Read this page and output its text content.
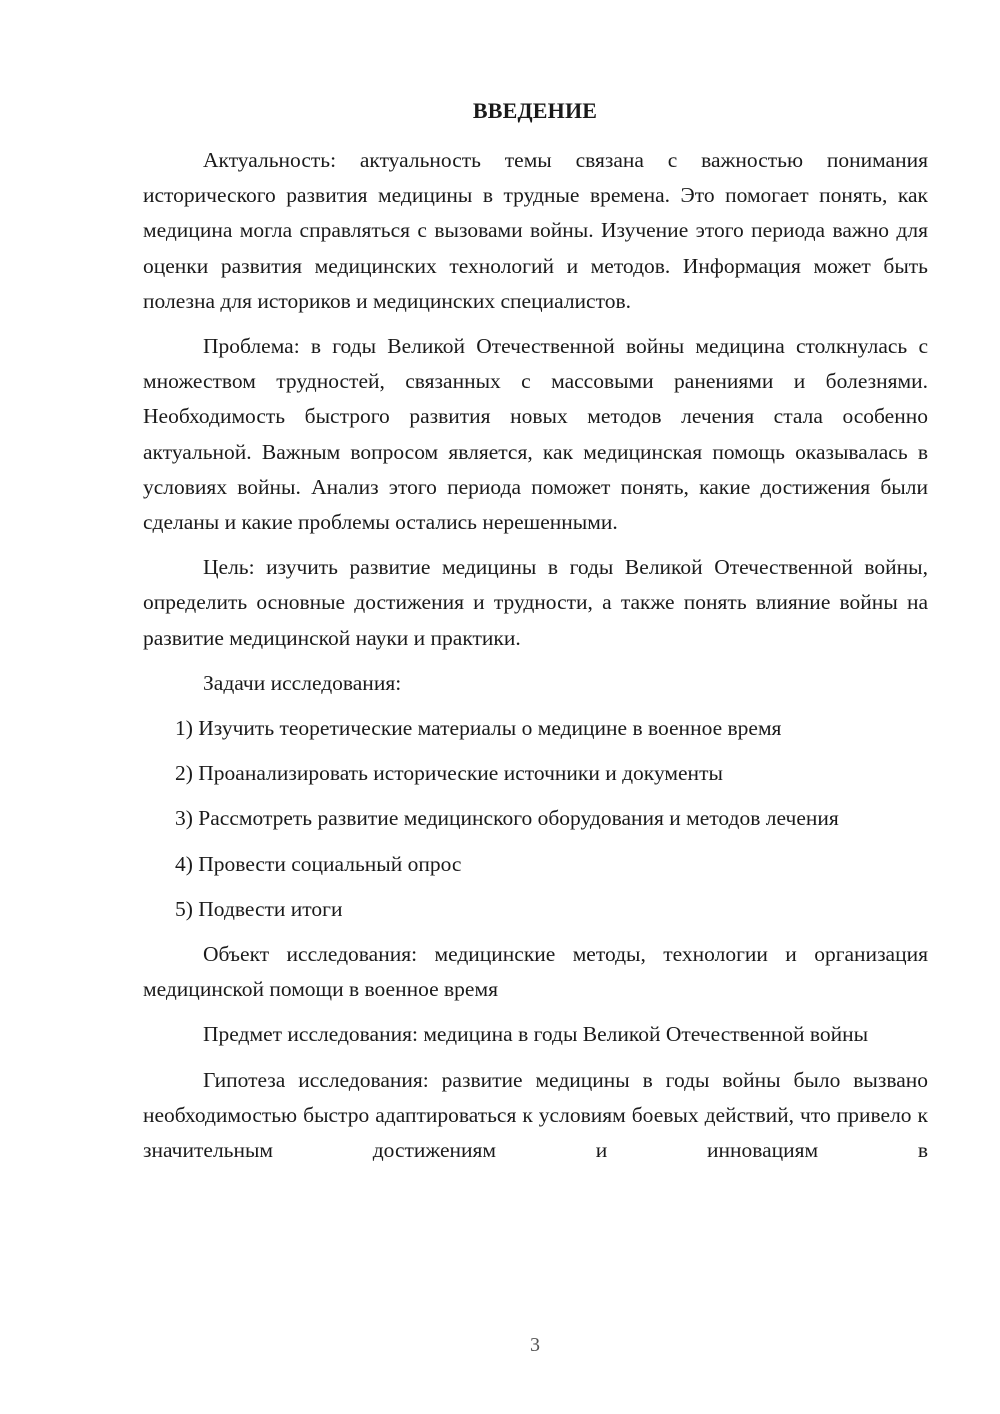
ВВЕДЕНИЕ

Актуальность: актуальность темы связана с важностью понимания исторического развития медицины в трудные времена. Это помогает понять, как медицина могла справляться с вызовами войны. Изучение этого периода важно для оценки развития медицинских технологий и методов. Информация может быть полезна для историков и медицинских специалистов.

Проблема: в годы Великой Отечественной войны медицина столкнулась с множеством трудностей, связанных с массовыми ранениями и болезнями. Необходимость быстрого развития новых методов лечения стала особенно актуальной. Важным вопросом является, как медицинская помощь оказывалась в условиях войны. Анализ этого периода поможет понять, какие достижения были сделаны и какие проблемы остались нерешенными.

Цель: изучить развитие медицины в годы Великой Отечественной войны, определить основные достижения и трудности, а также понять влияние войны на развитие медицинской науки и практики.

Задачи исследования:

1) Изучить теоретические материалы о медицине в военное время

2) Проанализировать исторические источники и документы

3) Рассмотреть развитие медицинского оборудования и методов лечения

4) Провести социальный опрос

5) Подвести итоги

Объект исследования: медицинские методы, технологии и организация медицинской помощи в военное время

Предмет исследования: медицина в годы Великой Отечественной войны

Гипотеза исследования: развитие медицины в годы войны было вызвано необходимостью быстро адаптироваться к условиям боевых действий, что привело к значительным достижениям и инновациям в

3
